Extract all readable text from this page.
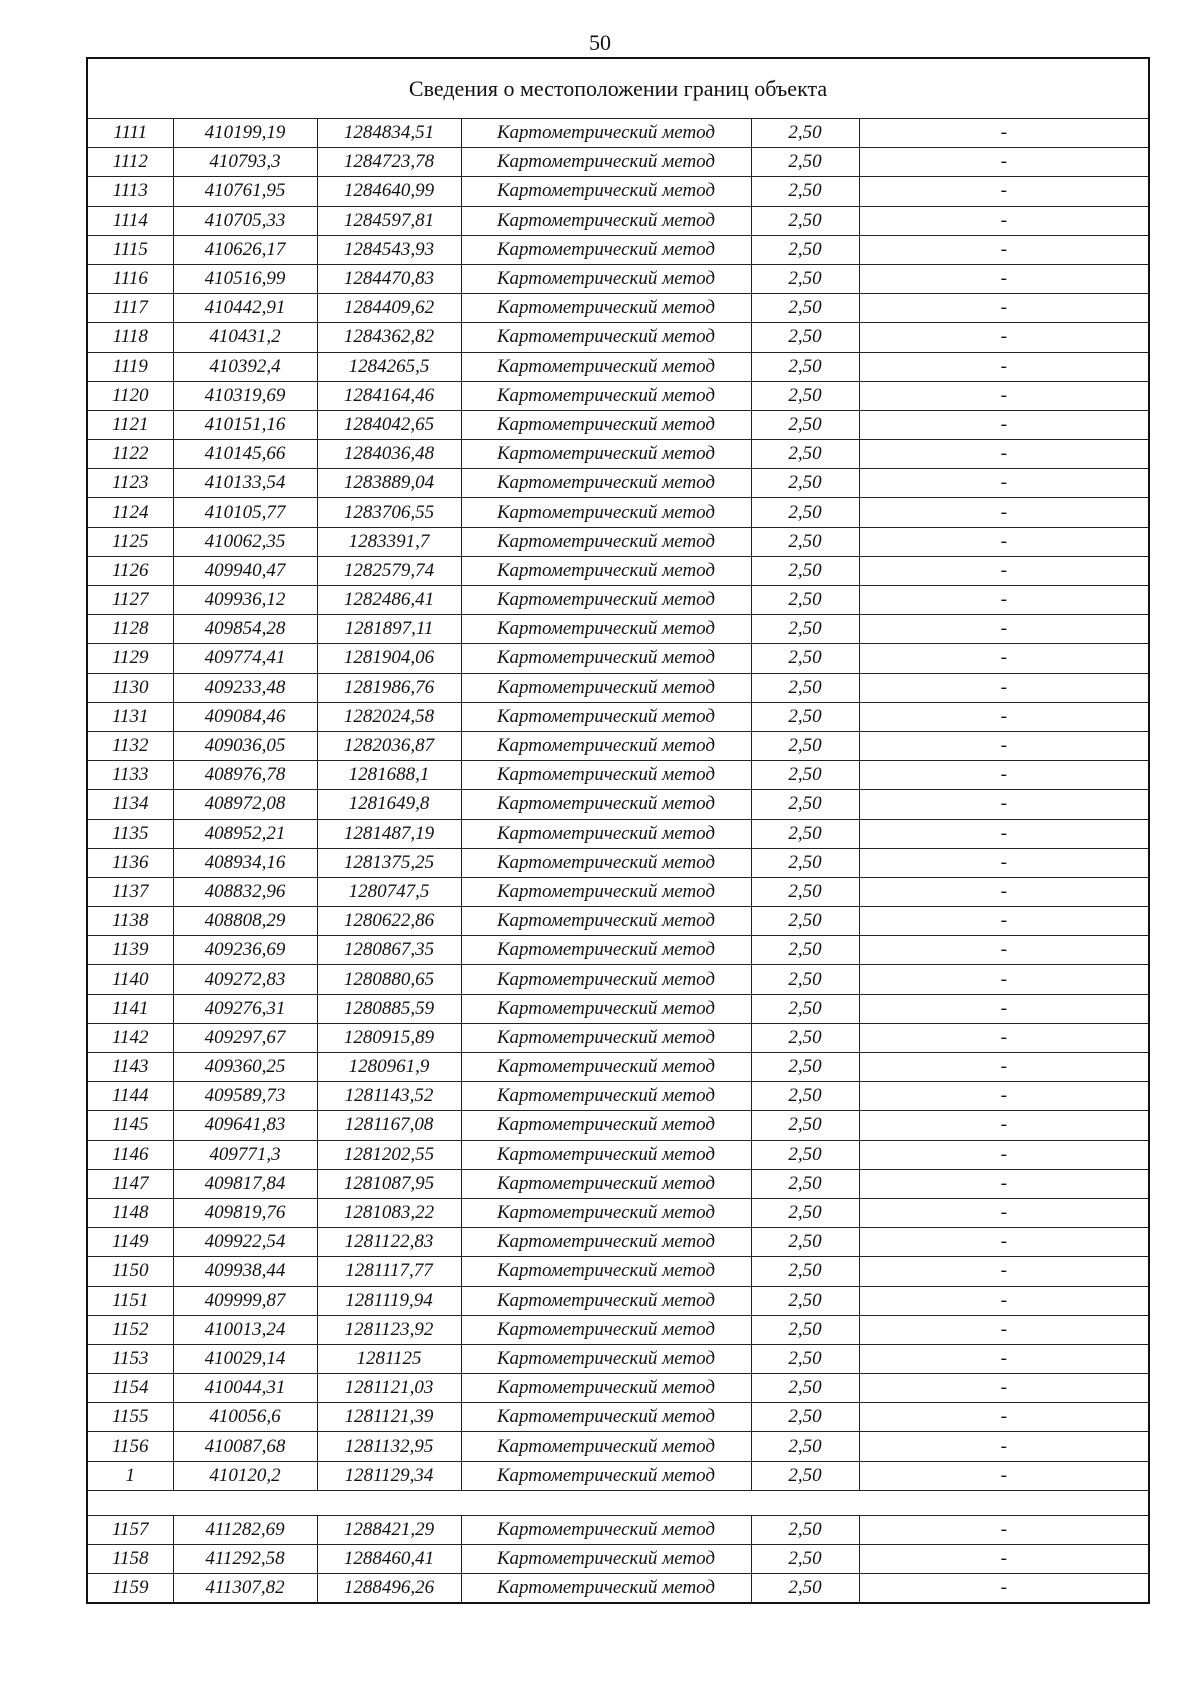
50
Сведения о местоположении границ объекта					
1111	410199,19	1284834,51	Картометрический метод	2,50	-
1112	410793,3	1284723,78	Картометрический метод	2,50	-
1113	410761,95	1284640,99	Картометрический метод	2,50	-
1114	410705,33	1284597,81	Картометрический метод	2,50	-
1115	410626,17	1284543,93	Картометрический метод	2,50	-
1116	410516,99	1284470,83	Картометрический метод	2,50	-
1117	410442,91	1284409,62	Картометрический метод	2,50	-
1118	410431,2	1284362,82	Картометрический метод	2,50	-
1119	410392,4	1284265,5	Картометрический метод	2,50	-
1120	410319,69	1284164,46	Картометрический метод	2,50	-
1121	410151,16	1284042,65	Картометрический метод	2,50	-
1122	410145,66	1284036,48	Картометрический метод	2,50	-
1123	410133,54	1283889,04	Картометрический метод	2,50	-
1124	410105,77	1283706,55	Картометрический метод	2,50	-
1125	410062,35	1283391,7	Картометрический метод	2,50	-
1126	409940,47	1282579,74	Картометрический метод	2,50	-
1127	409936,12	1282486,41	Картометрический метод	2,50	-
1128	409854,28	1281897,11	Картометрический метод	2,50	-
1129	409774,41	1281904,06	Картометрический метод	2,50	-
1130	409233,48	1281986,76	Картометрический метод	2,50	-
1131	409084,46	1282024,58	Картометрический метод	2,50	-
1132	409036,05	1282036,87	Картометрический метод	2,50	-
1133	408976,78	1281688,1	Картометрический метод	2,50	-
1134	408972,08	1281649,8	Картометрический метод	2,50	-
1135	408952,21	1281487,19	Картометрический метод	2,50	-
1136	408934,16	1281375,25	Картометрический метод	2,50	-
1137	408832,96	1280747,5	Картометрический метод	2,50	-
1138	408808,29	1280622,86	Картометрический метод	2,50	-
1139	409236,69	1280867,35	Картометрический метод	2,50	-
1140	409272,83	1280880,65	Картометрический метод	2,50	-
1141	409276,31	1280885,59	Картометрический метод	2,50	-
1142	409297,67	1280915,89	Картометрический метод	2,50	-
1143	409360,25	1280961,9	Картометрический метод	2,50	-
1144	409589,73	1281143,52	Картометрический метод	2,50	-
1145	409641,83	1281167,08	Картометрический метод	2,50	-
1146	409771,3	1281202,55	Картометрический метод	2,50	-
1147	409817,84	1281087,95	Картометрический метод	2,50	-
1148	409819,76	1281083,22	Картометрический метод	2,50	-
1149	409922,54	1281122,83	Картометрический метод	2,50	-
1150	409938,44	1281117,77	Картометрический метод	2,50	-
1151	409999,87	1281119,94	Картометрический метод	2,50	-
1152	410013,24	1281123,92	Картометрический метод	2,50	-
1153	410029,14	1281125	Картометрический метод	2,50	-
1154	410044,31	1281121,03	Картометрический метод	2,50	-
1155	410056,6	1281121,39	Картометрический метод	2,50	-
1156	410087,68	1281132,95	Картометрический метод	2,50	-
1	410120,2	1281129,34	Картометрический метод	2,50	-

1157	411282,69	1288421,29	Картометрический метод	2,50	-
1158	411292,58	1288460,41	Картометрический метод	2,50	-
1159	411307,82	1288496,26	Картометрический метод	2,50	-
